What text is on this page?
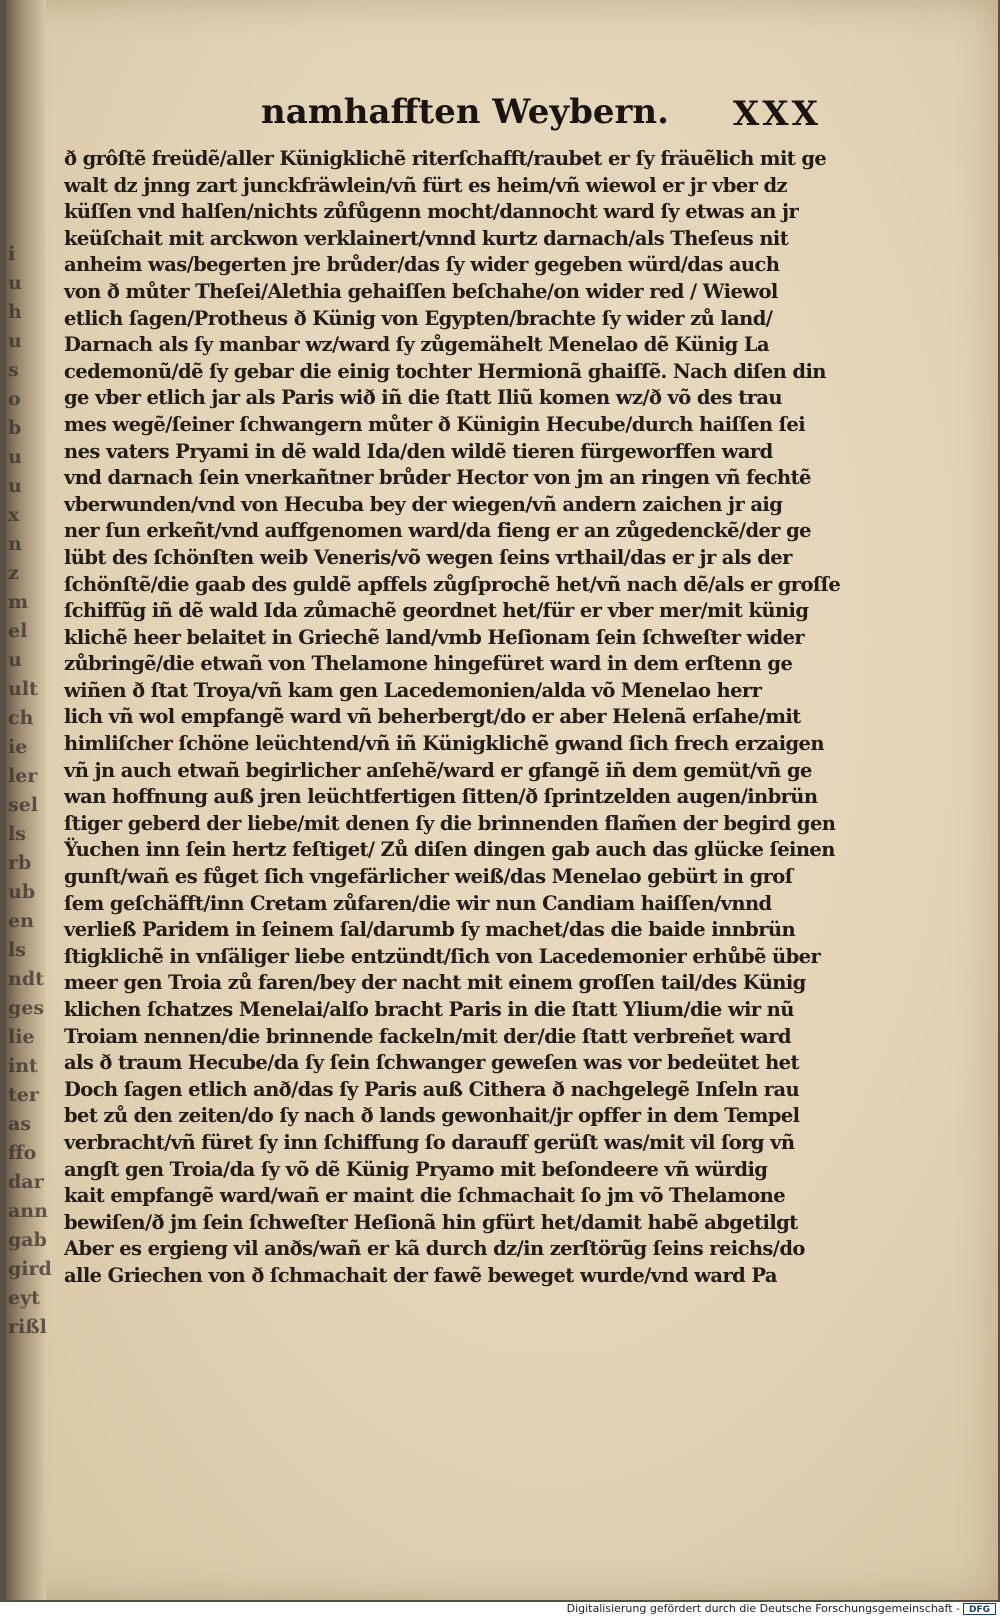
i
u
h
u
s
o
b
u
u
x
n
z
m
el
u
ult
ch
ie
ler
sel
ls
rb
ub
en
ls
ndt
ges
lie
int
ter
as
ffo
dar
ann
gab
gird
eyt
rißl
namhafften Weybern. XXX
ð grôſtẽ freüdẽ/aller Künigklichẽ riterſchafft/raubet er ſy fräuẽlich mit ge
walt dz jnng zart junckfräwlein/vñ fürt es heim/vñ wiewol er jr vber dz
küſſen vnd halſen/nichts zůfůgenn mocht/dannocht ward ſy etwas an jr
keüſchait mit arckwon verklainert/vnnd kurtz darnach/als Theſeus nit
anheim was/begerten jre brůder/das ſy wider gegeben würd/das auch
von ð můter Theſei/Alethia gehaiſſen beſchahe/on wider red / Wiewol
etlich ſagen/Protheus ð Künig von Egypten/brachte ſy wider zů land/
Darnach als ſy manbar wz/ward ſy zůgemähelt Menelao dẽ Künig La
cedemonũ/dẽ ſy gebar die einig tochter Hermionã ghaiſſẽ. Nach diſen din
ge vber etlich jar als Paris wið iñ die ſtatt Iliũ komen wz/ð võ des trau
mes wegẽ/ſeiner ſchwangern můter ð Künigin Hecube/durch haiſſen ſei
nes vaters Pryami in dẽ wald Ida/den wildẽ tieren fürgeworffen ward
vnd darnach ſein vnerkañtner brůder Hector von jm an ringen vñ fechtẽ
vberwunden/vnd von Hecuba bey der wiegen/vñ andern zaichen jr aig
ner ſun erkeñt/vnd auffgenomen ward/da fieng er an zůgedenckẽ/der ge
lübt des ſchönſten weib Veneris/võ wegen ſeins vrthail/das er jr als der
ſchönſtẽ/die gaab des guldẽ apffels zůgſprochẽ het/vñ nach dẽ/als er groſſe
ſchiffũg iñ dẽ wald Ida zůmachẽ geordnet het/für er vber mer/mit künig
klichẽ heer belaitet in Griechẽ land/vmb Heſionam ſein ſchweſter wider
zůbringẽ/die etwañ von Thelamone hingefüret ward in dem erſtenn ge
wiñen ð ſtat Troya/vñ kam gen Lacedemonien/alda võ Menelao herr
lich vñ wol empfangẽ ward vñ beherbergt/do er aber Helenã erſahe/mit
himliſcher ſchöne leüchtend/vñ iñ Künigklichẽ gwand ſich frech erzaigen
vñ jn auch etwañ begirlicher anſehẽ/ward er gfangẽ iñ dem gemüt/vñ ge
wan hoffnung auß jren leüchtfertigen ſitten/ð ſprintzelden augen/inbrün
ſtiger geberd der liebe/mit denen ſy die brinnenden flam̃en der begird gen
Ÿuchen inn ſein hertz feſtiget/ Zů diſen dingen gab auch das glücke ſeinen
gunſt/wañ es fůget ſich vngefärlicher weiß/das Menelao gebürt in groſ
ſem geſchäfft/inn Cretam zůfaren/die wir nun Candiam haiſſen/vnnd
verließ Paridem in ſeinem ſal/darumb ſy machet/das die baide innbrün
ſtigklichẽ in vnſäliger liebe entzündt/ſich von Lacedemonier erhůbẽ über
meer gen Troia zů faren/bey der nacht mit einem groſſen tail/des Künig
klichen ſchatzes Menelai/alſo bracht Paris in die ſtatt Ylium/die wir nũ
Troiam nennen/die brinnende fackeln/mit der/die ſtatt verbreñet ward
als ð traum Hecube/da ſy ſein ſchwanger geweſen was vor bedeütet het
Doch ſagen etlich anð/das ſy Paris auß Cithera ð nachgelegẽ Inſeln rau
bet zů den zeiten/do ſy nach ð lands gewonhait/jr opffer in dem Tempel
verbracht/vñ füret ſy inn ſchiffung ſo darauff gerüſt was/mit vil ſorg vñ
angſt gen Troia/da ſy võ dẽ Künig Pryamo mit beſondeere vñ würdig
kait empfangẽ ward/wañ er maint die ſchmachait ſo jm võ Thelamone
bewiſen/ð jm ſein ſchweſter Heſionã hin gfürt het/damit habẽ abgetilgt
Aber es ergieng vil anðs/wañ er kã durch dz/in zerſtörũg ſeins reichs/do
alle Griechen von ð ſchmachait der fawẽ beweget wurde/vnd ward Pa
Digitalisierung gefördert durch die Deutsche Forschungsgemeinschaft - DFG
